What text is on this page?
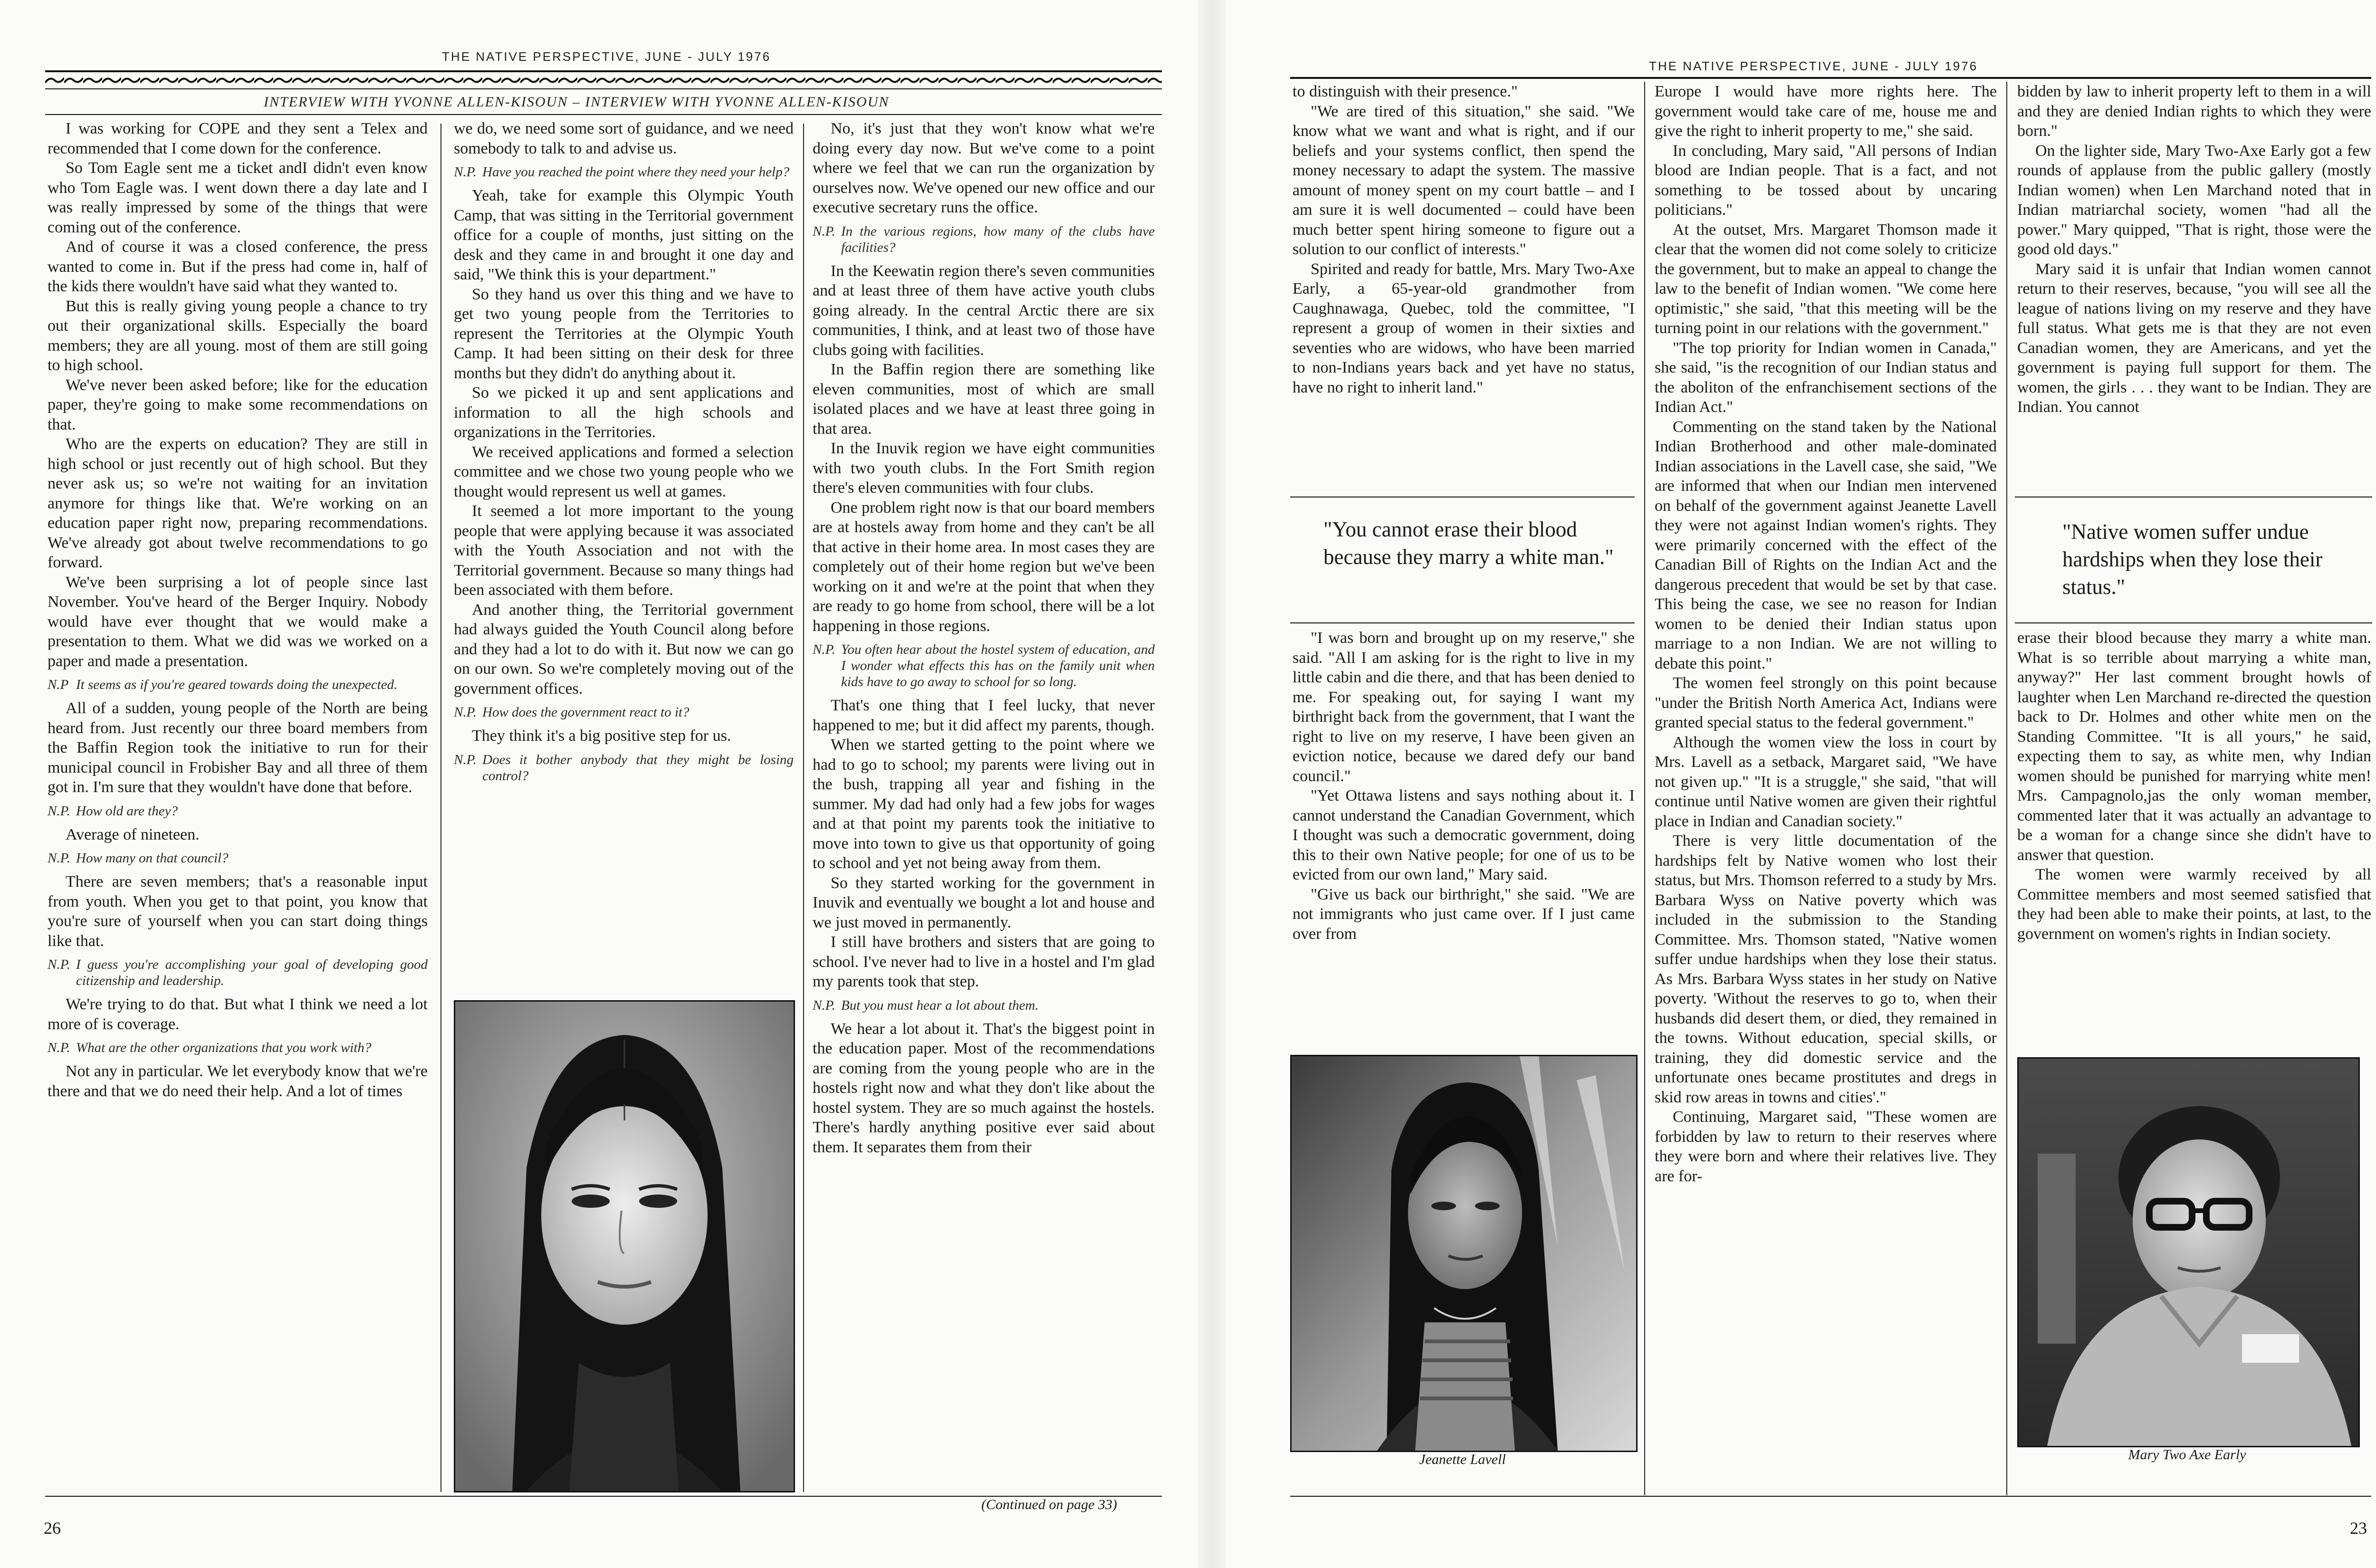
THE NATIVE PERSPECTIVE, JUNE - JULY 1976
INTERVIEW WITH YVONNE ALLEN-KISOUN – INTERVIEW WITH YVONNE ALLEN-KISOUN

I was working for COPE and they sent a Telex and recommended that I come down for the conference.

So Tom Eagle sent me a ticket andI didn't even know who Tom Eagle was. I went down there a day late and I was really impressed by some of the things that were coming out of the conference.

And of course it was a closed conference, the press wanted to come in. But if the press had come in, half of the kids there wouldn't have said what they wanted to.

But this is really giving young people a chance to try out their organizational skills. Especially the board members; they are all young. most of them are still going to high school.

We've never been asked before; like for the education paper, they're going to make some recommendations on that.

Who are the experts on education? They are still in high school or just recently out of high school. But they never ask us; so we're not waiting for an invitation anymore for things like that. We're working on an education paper right now, preparing recommendations. We've already got about twelve recommendations to go forward.

We've been surprising a lot of people since last November. You've heard of the Berger Inquiry. Nobody would have ever thought that we would make a presentation to them. What we did was we worked on a paper and made a presentation.

N.P It seems as if you're geared towards doing the unexpected.

All of a sudden, young people of the North are being heard from. Just recently our three board members from the Baffin Region took the initiative to run for their municipal council in Frobisher Bay and all three of them got in. I'm sure that they wouldn't have done that before.

N.P. How old are they?

Average of nineteen.

N.P. How many on that council?

There are seven members; that's a reasonable input from youth. When you get to that point, you know that you're sure of yourself when you can start doing things like that.

N.P. I guess you're accomplishing your goal of developing good citizenship and leadership.

We're trying to do that. But what I think we need a lot more of is coverage.

N.P. What are the other organizations that you work with?

Not any in particular. We let everybody know that we're there and that we do need their help. And a lot of times

we do, we need some sort of guidance, and we need somebody to talk to and advise us.

N.P. Have you reached the point where they need your help?

Yeah, take for example this Olympic Youth Camp, that was sitting in the Territorial government office for a couple of months, just sitting on the desk and they came in and brought it one day and said, "We think this is your department."

So they hand us over this thing and we have to get two young people from the Territories to represent the Territories at the Olympic Youth Camp. It had been sitting on their desk for three months but they didn't do anything about it.

So we picked it up and sent applications and information to all the high schools and organizations in the Territories.

We received applications and formed a selection committee and we chose two young people who we thought would represent us well at games.

It seemed a lot more important to the young people that were applying because it was associated with the Youth Association and not with the Territorial government. Because so many things had been associated with them before.

And another thing, the Territorial government had always guided the Youth Council along before and they had a lot to do with it. But now we can go on our own. So we're completely moving out of the government offices.

N.P. How does the government react to it?

They think it's a big positive step for us.

N.P. Does it bother anybody that they might be losing control?

No, it's just that they won't know what we're doing every day now. But we've come to a point where we feel that we can run the organization by ourselves now. We've opened our new office and our executive secretary runs the office.

N.P. In the various regions, how many of the clubs have facilities?

In the Keewatin region there's seven communities and at least three of them have active youth clubs going already. In the central Arctic there are six communities, I think, and at least two of those have clubs going with facilities.

In the Baffin region there are something like eleven communities, most of which are small isolated places and we have at least three going in that area.

In the Inuvik region we have eight communities with two youth clubs. In the Fort Smith region there's eleven communities with four clubs.

One problem right now is that our board members are at hostels away from home and they can't be all that active in their home area. In most cases they are completely out of their home region but we've been working on it and we're at the point that when they are ready to go home from school, there will be a lot happening in those regions.

N.P. You often hear about the hostel system of education, and I wonder what effects this has on the family unit when kids have to go away to school for so long.

That's one thing that I feel lucky, that never happened to me; but it did affect my parents, though.

When we started getting to the point where we had to go to school; my parents were living out in the bush, trapping all year and fishing in the summer. My dad had only had a few jobs for wages and at that point my parents took the initiative to move into town to give us that opportunity of going to school and yet not being away from them.

So they started working for the government in Inuvik and eventually we bought a lot and house and we just moved in permanently.

I still have brothers and sisters that are going to school. I've never had to live in a hostel and I'm glad my parents took that step.

N.P. But you must hear a lot about them.

We hear a lot about it. That's the biggest point in the education paper. Most of the recommendations are coming from the young people who are in the hostels right now and what they don't like about the hostel system. They are so much against the hostels. There's hardly anything positive ever said about them. It separates them from their

(Continued on page 33)
26
THE NATIVE PERSPECTIVE, JUNE - JULY 1976

to distinguish with their presence."

"We are tired of this situation," she said. "We know what we want and what is right, and if our beliefs and your systems conflict, then spend the money necessary to adapt the system. The massive amount of money spent on my court battle – and I am sure it is well documented – could have been much better spent hiring someone to figure out a solution to our conflict of interests."

Spirited and ready for battle, Mrs. Mary Two-Axe Early, a 65-year-old grandmother from Caughnawaga, Quebec, told the committee, "I represent a group of women in their sixties and seventies who are widows, who have been married to non-Indians years back and yet have no status, have no right to inherit land."

"You cannot erase their blood because they marry a white man."

"I was born and brought up on my reserve," she said. "All I am asking for is the right to live in my little cabin and die there, and that has been denied to me. For speaking out, for saying I want my birthright back from the government, that I want the right to live on my reserve, I have been given an eviction notice, because we dared defy our band council."

"Yet Ottawa listens and says nothing about it. I cannot understand the Canadian Government, which I thought was such a democratic government, doing this to their own Native people; for one of us to be evicted from our own land," Mary said.

"Give us back our birthright," she said. "We are not immigrants who just came over. If I just came over from

Jeanette Lavell

Europe I would have more rights here. The government would take care of me, house me and give the right to inherit property to me," she said.

In concluding, Mary said, "All persons of Indian blood are Indian people. That is a fact, and not something to be tossed about by uncaring politicians."

At the outset, Mrs. Margaret Thomson made it clear that the women did not come solely to criticize the government, but to make an appeal to change the law to the benefit of Indian women. "We come here optimistic," she said, "that this meeting will be the turning point in our relations with the government."

"The top priority for Indian women in Canada," she said, "is the recognition of our Indian status and the aboliton of the enfranchisement sections of the Indian Act."

Commenting on the stand taken by the National Indian Brotherhood and other male-dominated Indian associations in the Lavell case, she said, "We are informed that when our Indian men intervened on behalf of the government against Jeanette Lavell they were not against Indian women's rights. They were primarily concerned with the effect of the Canadian Bill of Rights on the Indian Act and the dangerous precedent that would be set by that case. This being the case, we see no reason for Indian women to be denied their Indian status upon marriage to a non Indian. We are not willing to debate this point."

The women feel strongly on this point because "under the British North America Act, Indians were granted special status to the federal government."

Although the women view the loss in court by Mrs. Lavell as a setback, Margaret said, "We have not given up." "It is a struggle," she said, "that will continue until Native women are given their rightful place in Indian and Canadian society."

There is very little documentation of the hardships felt by Native women who lost their status, but Mrs. Thomson referred to a study by Mrs. Barbara Wyss on Native poverty which was included in the submission to the Standing Committee. Mrs. Thomson stated, "Native women suffer undue hardships when they lose their status. As Mrs. Barbara Wyss states in her study on Native poverty. 'Without the reserves to go to, when their husbands did desert them, or died, they remained in the towns. Without education, special skills, or training, they did domestic service and the unfortunate ones became prostitutes and dregs in skid row areas in towns and cities'."

Continuing, Margaret said, "These women are forbidden by law to return to their reserves where they were born and where their relatives live. They are for-

bidden by law to inherit property left to them in a will and they are denied Indian rights to which they were born."

On the lighter side, Mary Two-Axe Early got a few rounds of applause from the public gallery (mostly Indian women) when Len Marchand noted that in Indian matriarchal society, women "had all the power." Mary quipped, "That is right, those were the good old days."

Mary said it is unfair that Indian women cannot return to their reserves, because, "you will see all the league of nations living on my reserve and they have full status. What gets me is that they are not even Canadian women, they are Americans, and yet the government is paying full support for them. The women, the girls . . . they want to be Indian. They are Indian. You cannot

"Native women suffer undue hardships when they lose their status."

erase their blood because they marry a white man. What is so terrible about marrying a white man, anyway?" Her last comment brought howls of laughter when Len Marchand re-directed the question back to Dr. Holmes and other white men on the Standing Committee. "It is all yours," he said, expecting them to say, as white men, why Indian women should be punished for marrying white men! Mrs. Campagnolo,jas the only woman member, commented later that it was actually an advantage to be a woman for a change since she didn't have to answer that question.

The women were warmly received by all Committee members and most seemed satisfied that they had been able to make their points, at last, to the government on women's rights in Indian society.

Mary Two Axe Early
23
